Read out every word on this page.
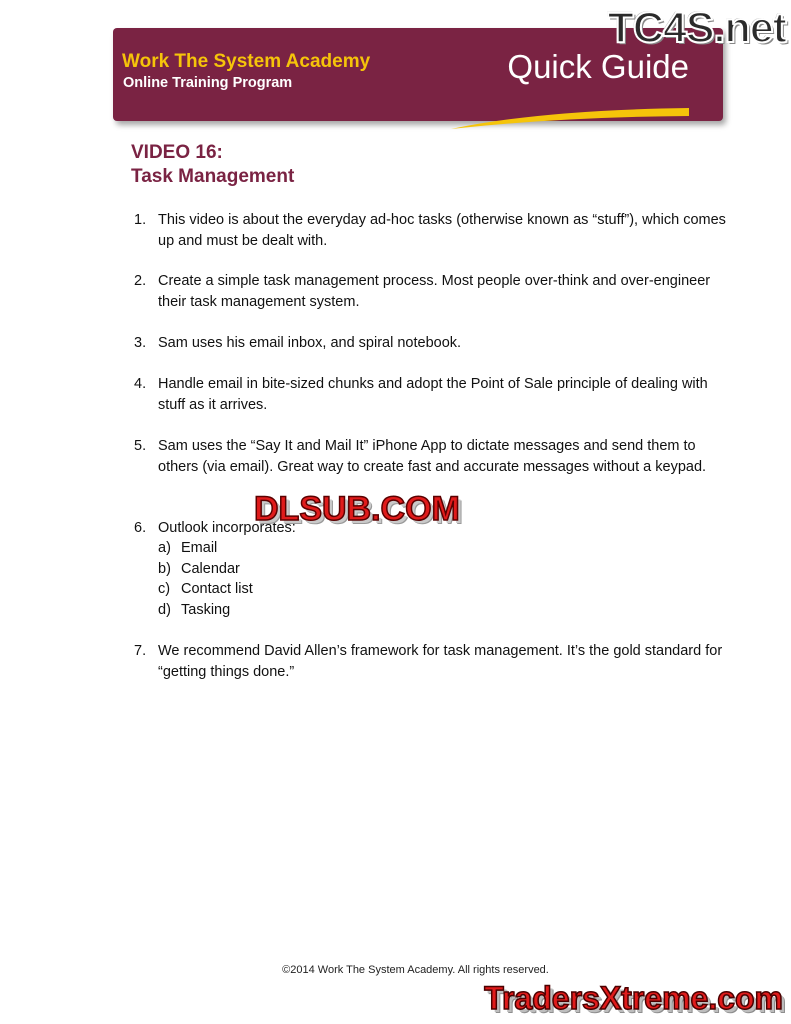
Work The System Academy
Online Training Program	Quick Guide
TC4S.net
VIDEO 16:
Task Management
1. This video is about the everyday ad-hoc tasks (otherwise known as “stuff”), which comes up and must be dealt with.
2. Create a simple task management process. Most people over-think and over-engineer their task management system.
3. Sam uses his email inbox, and spiral notebook.
4. Handle email in bite-sized chunks and adopt the Point of Sale principle of dealing with stuff as it arrives.
5. Sam uses the “Say It and Mail It” iPhone App to dictate messages and send them to others (via email). Great way to create fast and accurate messages without a keypad.
6. Outlook incorporates:
a) Email
b) Calendar
c) Contact list
d) Tasking
7. We recommend David Allen’s framework for task management. It’s the gold standard for “getting things done.”
DLSUB.COM
©2014 Work The System Academy. All rights reserved.
TradersXtreme.com
